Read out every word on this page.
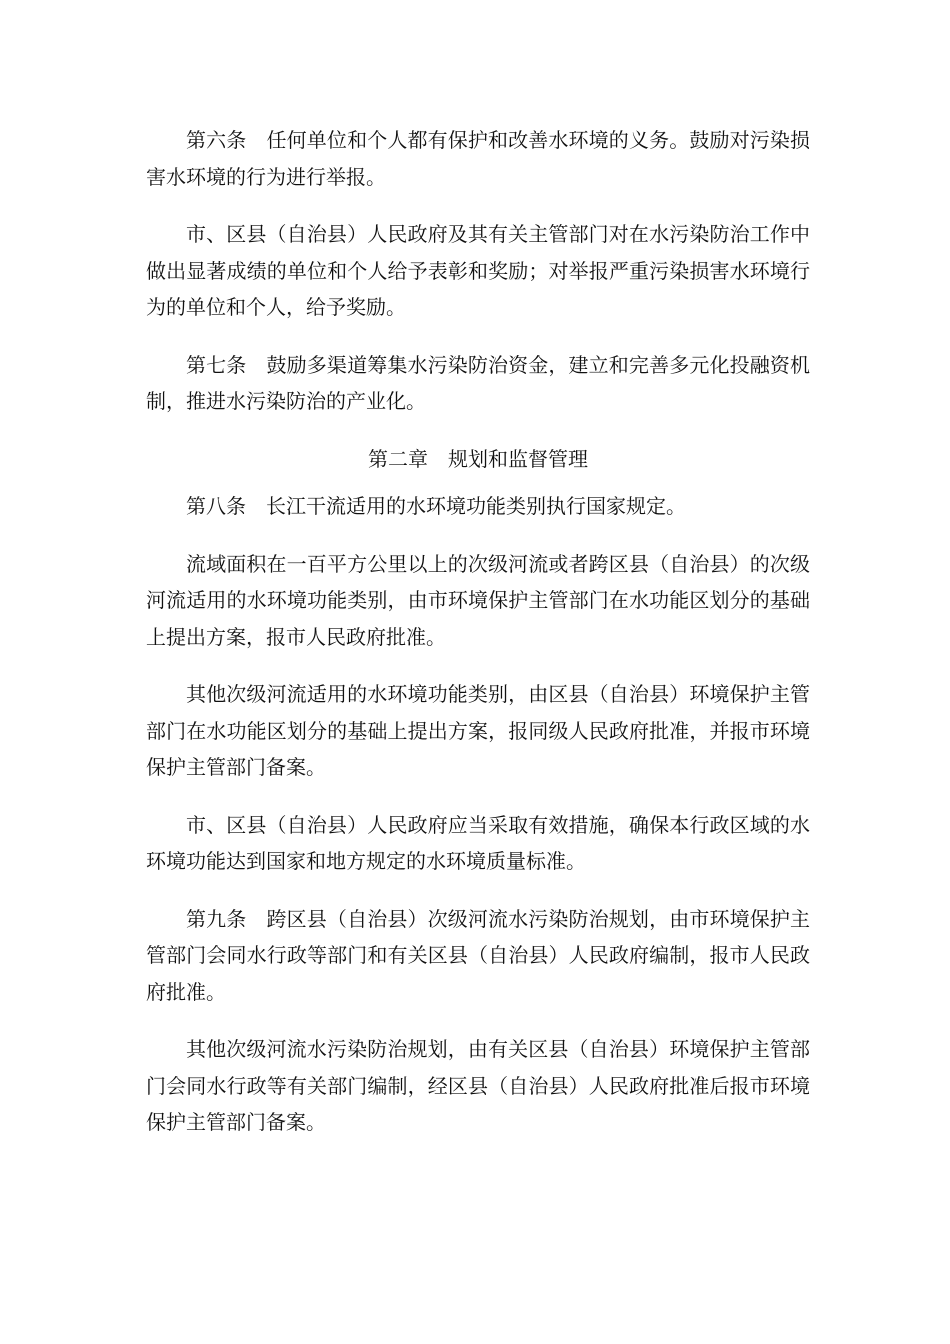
第六条　任何单位和个人都有保护和改善水环境的义务。鼓励对污染损害水环境的行为进行举报。

市、区县（自治县）人民政府及其有关主管部门对在水污染防治工作中做出显著成绩的单位和个人给予表彰和奖励；对举报严重污染损害水环境行为的单位和个人，给予奖励。

第七条　鼓励多渠道筹集水污染防治资金，建立和完善多元化投融资机制，推进水污染防治的产业化。

第二章　规划和监督管理

第八条　长江干流适用的水环境功能类别执行国家规定。

流域面积在一百平方公里以上的次级河流或者跨区县（自治县）的次级河流适用的水环境功能类别，由市环境保护主管部门在水功能区划分的基础上提出方案，报市人民政府批准。

其他次级河流适用的水环境功能类别，由区县（自治县）环境保护主管部门在水功能区划分的基础上提出方案，报同级人民政府批准，并报市环境保护主管部门备案。

市、区县（自治县）人民政府应当采取有效措施，确保本行政区域的水环境功能达到国家和地方规定的水环境质量标准。

第九条　跨区县（自治县）次级河流水污染防治规划，由市环境保护主管部门会同水行政等部门和有关区县（自治县）人民政府编制，报市人民政府批准。

其他次级河流水污染防治规划，由有关区县（自治县）环境保护主管部门会同水行政等有关部门编制，经区县（自治县）人民政府批准后报市环境保护主管部门备案。
